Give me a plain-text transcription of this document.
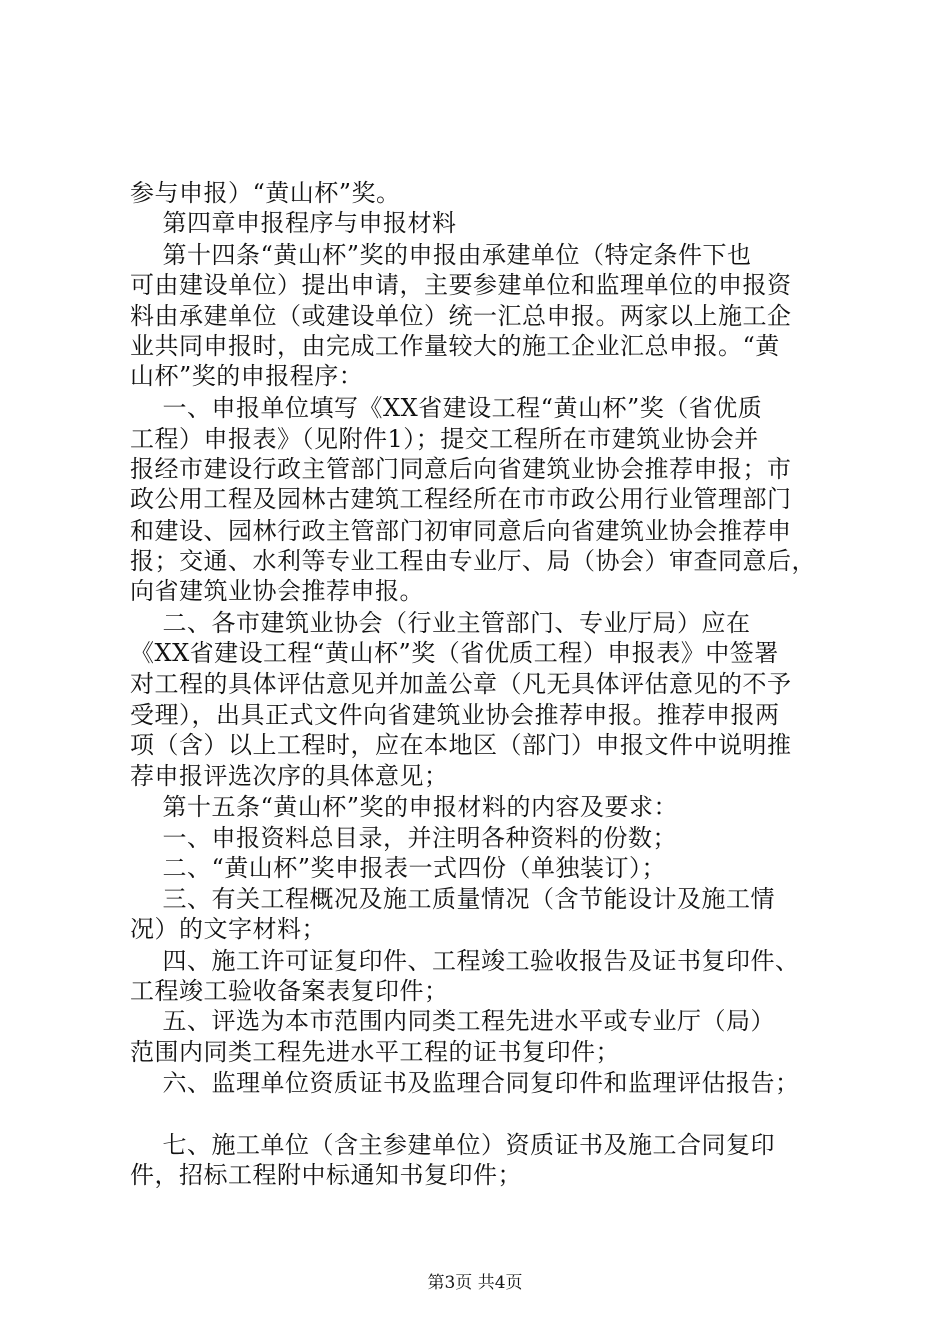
参与申报）“黄山杯”奖。
第四章申报程序与申报材料
第十四条“黄山杯”奖的申报由承建单位（特定条件下也
可由建设单位）提出申请，主要参建单位和监理单位的申报资
料由承建单位（或建设单位）统一汇总申报。两家以上施工企
业共同申报时，由完成工作量较大的施工企业汇总申报。“黄
山杯”奖的申报程序：
一、申报单位填写《XX省建设工程“黄山杯”奖（省优质
工程）申报表》（见附件1）；提交工程所在市建筑业协会并
报经市建设行政主管部门同意后向省建筑业协会推荐申报；市
政公用工程及园林古建筑工程经所在市市政公用行业管理部门
和建设、园林行政主管部门初审同意后向省建筑业协会推荐申
报；交通、水利等专业工程由专业厅、局（协会）审查同意后，
向省建筑业协会推荐申报。
二、各市建筑业协会（行业主管部门、专业厅局）应在
《XX省建设工程“黄山杯”奖（省优质工程）申报表》中签署
对工程的具体评估意见并加盖公章（凡无具体评估意见的不予
受理），出具正式文件向省建筑业协会推荐申报。推荐申报两
项（含）以上工程时，应在本地区（部门）申报文件中说明推
荐申报评选次序的具体意见；
第十五条“黄山杯”奖的申报材料的内容及要求：
一、申报资料总目录，并注明各种资料的份数；
二、“黄山杯”奖申报表一式四份（单独装订）；
三、有关工程概况及施工质量情况（含节能设计及施工情
况）的文字材料；
四、施工许可证复印件、工程竣工验收报告及证书复印件、
工程竣工验收备案表复印件；
五、评选为本市范围内同类工程先进水平或专业厅（局）
范围内同类工程先进水平工程的证书复印件；
六、监理单位资质证书及监理合同复印件和监理评估报告；
七、施工单位（含主参建单位）资质证书及施工合同复印
件，招标工程附中标通知书复印件；
第3页 共4页
